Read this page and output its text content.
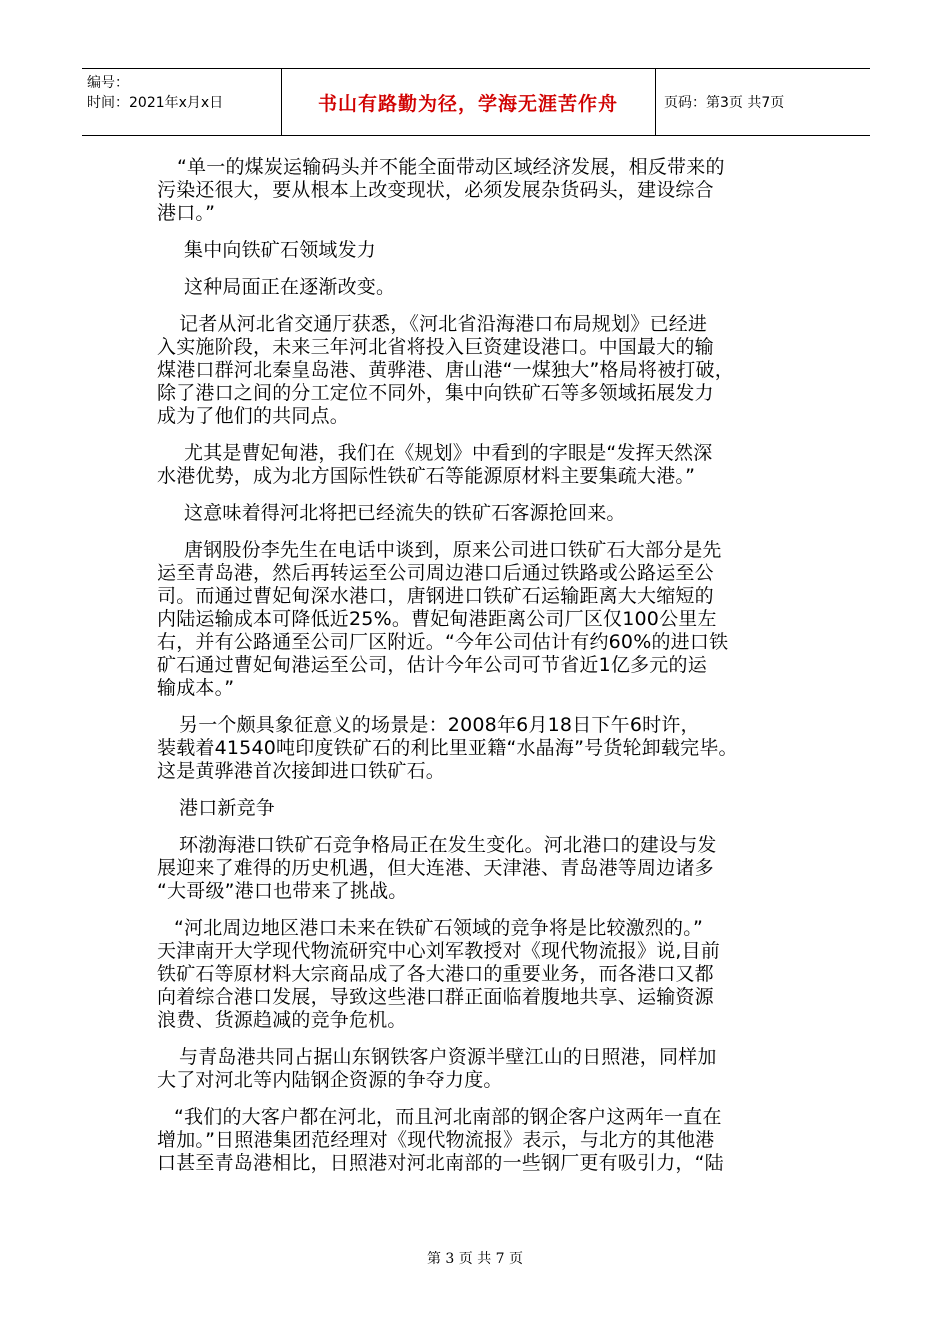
编号：
时间：2021年x月x日	书山有路勤为径，学海无涯苦作舟	页码：第3页 共7页
“单一的煤炭运输码头并不能全面带动区域经济发展，相反带来的
污染还很大，要从根本上改变现状，必须发展杂货码头，建设综合
港口。”
集中向铁矿石领域发力
这种局面正在逐渐改变。
记者从河北省交通厅获悉，《河北省沿海港口布局规划》已经进
入实施阶段，未来三年河北省将投入巨资建设港口。中国最大的输
煤港口群河北秦皇岛港、黄骅港、唐山港“一煤独大”格局将被打破，
除了港口之间的分工定位不同外，集中向铁矿石等多领域拓展发力
成为了他们的共同点。
尤其是曹妃甸港，我们在《规划》中看到的字眼是“发挥天然深
水港优势，成为北方国际性铁矿石等能源原材料主要集疏大港。”
这意味着得河北将把已经流失的铁矿石客源抢回来。
唐钢股份李先生在电话中谈到，原来公司进口铁矿石大部分是先
运至青岛港，然后再转运至公司周边港口后通过铁路或公路运至公
司。而通过曹妃甸深水港口，唐钢进口铁矿石运输距离大大缩短的
内陆运输成本可降低近25%。曹妃甸港距离公司厂区仅100公里左
右，并有公路通至公司厂区附近。“今年公司估计有约60%的进口铁
矿石通过曹妃甸港运至公司，估计今年公司可节省近1亿多元的运
输成本。”
另一个颇具象征意义的场景是：2008年6月18日下午6时许，
装载着41540吨印度铁矿石的利比里亚籍“水晶海”号货轮卸载完毕。
这是黄骅港首次接卸进口铁矿石。
港口新竞争
环渤海港口铁矿石竞争格局正在发生变化。河北港口的建设与发
展迎来了难得的历史机遇，但大连港、天津港、青岛港等周边诸多
“大哥级”港口也带来了挑战。
“河北周边地区港口未来在铁矿石领域的竞争将是比较激烈的。”
天津南开大学现代物流研究中心刘军教授对《现代物流报》说,目前
铁矿石等原材料大宗商品成了各大港口的重要业务，而各港口又都
向着综合港口发展，导致这些港口群正面临着腹地共享、运输资源
浪费、货源趋减的竞争危机。
与青岛港共同占据山东钢铁客户资源半壁江山的日照港，同样加
大了对河北等内陆钢企资源的争夺力度。
“我们的大客户都在河北，而且河北南部的钢企客户这两年一直在
增加。”日照港集团范经理对《现代物流报》表示，与北方的其他港
口甚至青岛港相比，日照港对河北南部的一些钢厂更有吸引力，“陆
第 3 页 共 7 页
